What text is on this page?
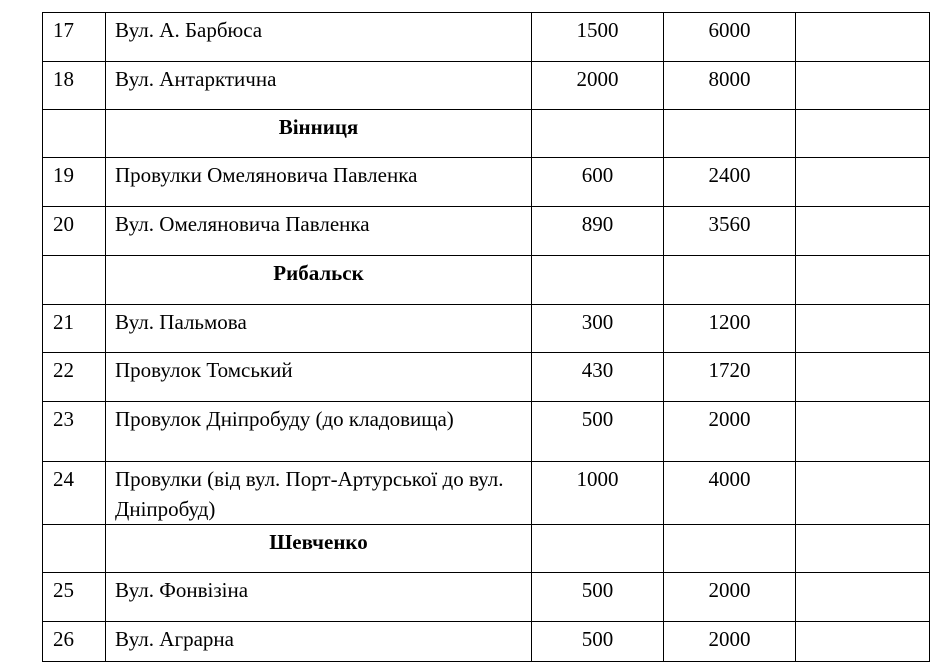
17	Вул. А. Барбюса	1500	6000	
18	Вул. Антарктична	2000	8000	
	Вінниця			
19	Провулки Омеляновича Павленка	600	2400	
20	Вул. Омеляновича Павленка	890	3560	
	Рибальск			
21	Вул. Пальмова	300	1200	
22	Провулок Томський	430	1720	
23	Провулок Дніпробуду (до кладовища)	500	2000	
24	Провулки (від вул. Порт-Артурської до вул. Дніпробуд)	1000	4000	
	Шевченко			
25	Вул. Фонвізіна	500	2000	
26	Вул. Аграрна	500	2000	
